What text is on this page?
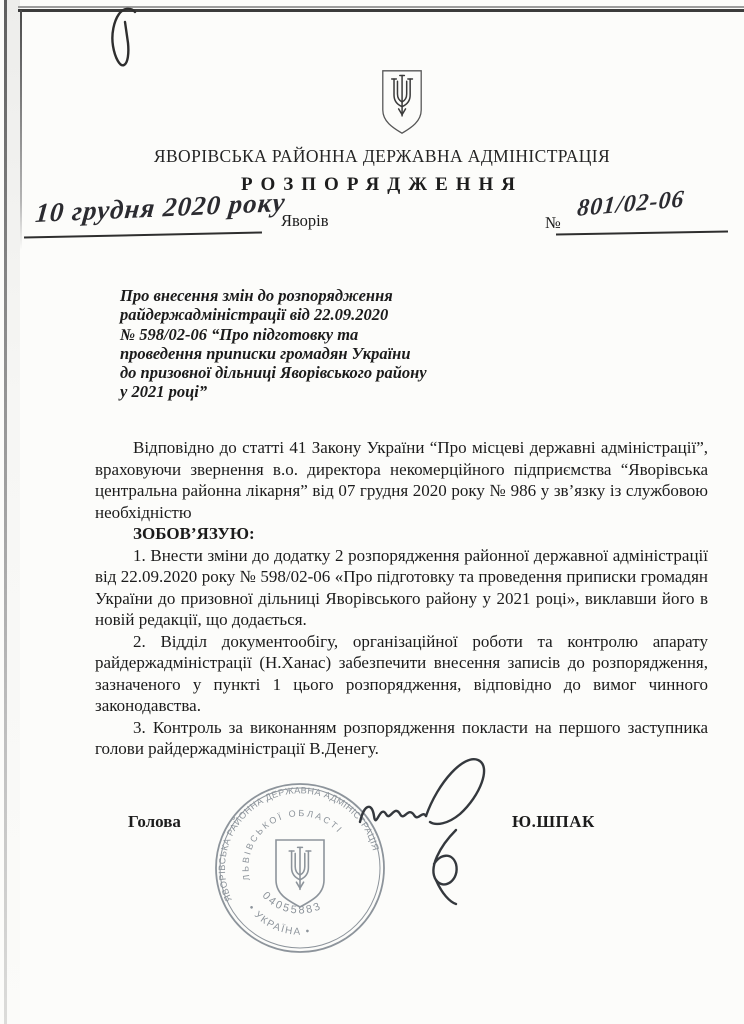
ЯВОРІВСЬКА РАЙОННА ДЕРЖАВНА АДМІНІСТРАЦІЯ
РОЗПОРЯДЖЕННЯ
10 грудня 2020 року
Яворів	№
801/02-06
Про внесення змін до розпорядження
райдержадміністрації від 22.09.2020
№ 598/02-06 “Про підготовку та
проведення приписки громадян України
до призовної дільниці Яворівського району
у 2021 році”

Відповідно до статті 41 Закону України “Про місцеві державні адміністрації”, враховуючи звернення в.о. директора некомерційного підприємства “Яворівська центральна районна лікарня” від 07 грудня 2020 року № 986 у зв’язку із службовою необхідністю

ЗОБОВ’ЯЗУЮ:

1. Внести зміни до додатку 2 розпорядження районної державної адміністрації від 22.09.2020 року № 598/02-06 «Про підготовку та проведення приписки громадян України до призовної дільниці Яворівського району у 2021 році», виклавши його в новій редакції, що додається.

2. Відділ документообігу, організаційної роботи та контролю апарату райдержадміністрації (Н.Ханас) забезпечити внесення записів до розпорядження, зазначеного у пункті 1 цього розпорядження, відповідно до вимог чинного законодавства.

3. Контроль за виконанням розпорядження покласти на першого заступника голови райдержадміністрації В.Денегу.

Голова	Ю.ШПАК
ЯВОРІВСЬКА РАЙОННА ДЕРЖАВНА АДМІНІСТРАЦІЯ
ЛЬВІВСЬКОЇ ОБЛАСТІ
04055883
• УКРАЇНА •
